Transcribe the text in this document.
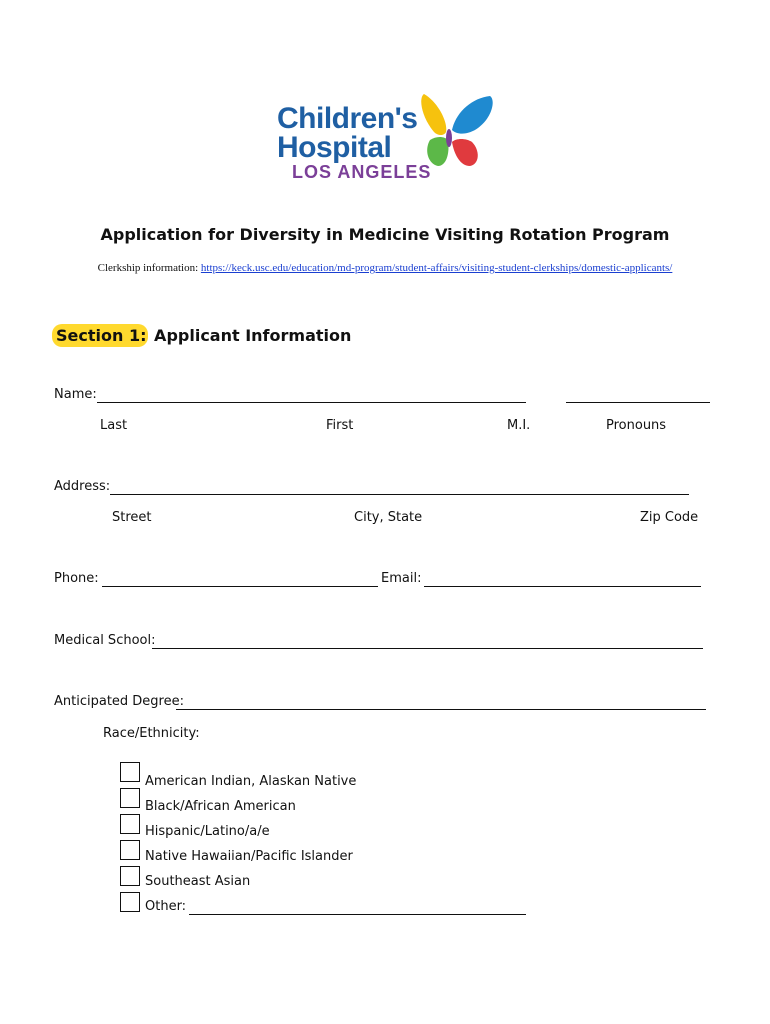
Children's
Hospital
LOS ANGELES
Application for Diversity in Medicine Visiting Rotation Program
Clerkship information: https://keck.usc.edu/education/md-program/student-affairs/visiting-student-clerkships/domestic-applicants/
Section 1: Applicant Information
Name:
Last	First	M.I.	Pronouns
Address:
Street	City, State	Zip Code
Phone:	Email:
Medical School:
Anticipated Degree:
Race/Ethnicity:
American Indian, Alaskan Native
Black/African American
Hispanic/Latino/a/e
Native Hawaiian/Pacific Islander
Southeast Asian
Other:
